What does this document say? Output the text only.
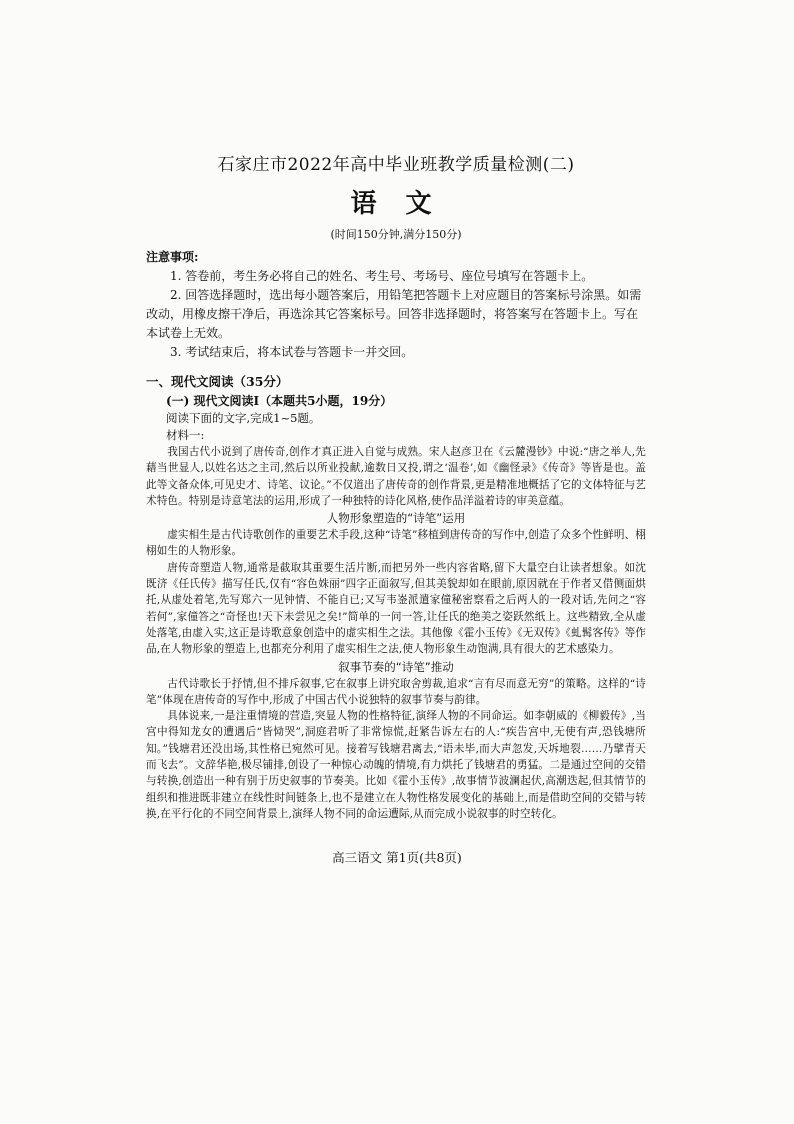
石家庄市2022年高中毕业班教学质量检测(二)
语 文
(时间150分钟,满分150分)
注意事项:

1. 答卷前，考生务必将自己的姓名、考生号、考场号、座位号填写在答题卡上。

2. 回答选择题时，选出每小题答案后，用铅笔把答题卡上对应题目的答案标号涂黑。如需改动，用橡皮擦干净后，再选涂其它答案标号。回答非选择题时，将答案写在答题卡上。写在本试卷上无效。

3. 考试结束后，将本试卷与答题卡一并交回。

一、现代文阅读（35分）
(一) 现代文阅读Ⅰ（本题共5小题，19分）
阅读下面的文字,完成1~5题。
材料一:

我国古代小说到了唐传奇,创作才真正进入自觉与成熟。宋人赵彦卫在《云麓漫钞》中说:“唐之举人,先藉当世显人,以姓名达之主司,然后以所业投献,逾数日又投,谓之‘温卷’,如《幽怪录》《传奇》等皆是也。盖此等文备众体,可见史才、诗笔、议论。”不仅道出了唐传奇的创作背景,更是精准地概括了它的文体特征与艺术特色。特别是诗意笔法的运用,形成了一种独特的诗化风格,使作品洋溢着诗的审美意蕴。

人物形象塑造的“诗笔”运用

虚实相生是古代诗歌创作的重要艺术手段,这种“诗笔”移植到唐传奇的写作中,创造了众多个性鲜明、栩栩如生的人物形象。

唐传奇塑造人物,通常是截取其重要生活片断,而把另外一些内容省略,留下大量空白让读者想象。如沈既济《任氏传》描写任氏,仅有“容色姝丽”四字正面叙写,但其美貌却如在眼前,原因就在于作者又借侧面烘托,从虚处着笔,先写郑六一见钟情、不能自已;又写韦崟派遣家僮秘密察看之后两人的一段对话,先问之“容若何”,家僮答之“奇怪也!天下未尝见之矣!”简单的一问一答,让任氏的绝美之姿跃然纸上。这些精致,全从虚处落笔,由虚入实,这正是诗歌意象创造中的虚实相生之法。其他像《霍小玉传》《无双传》《虬髯客传》等作品,在人物形象的塑造上,也都充分利用了虚实相生之法,使人物形象生动饱满,具有很大的艺术感染力。

叙事节奏的“诗笔”推动

古代诗歌长于抒情,但不排斥叙事,它在叙事上讲究取舍剪裁,追求“言有尽而意无穷”的策略。这样的“诗笔”体现在唐传奇的写作中,形成了中国古代小说独特的叙事节奏与韵律。

具体说来,一是注重情境的营造,突显人物的性格特征,演绎人物的不同命运。如李朝威的《柳毅传》,当宫中得知龙女的遭遇后“皆恸哭”,洞庭君听了非常惊慌,赶紧告诉左右的人:“疾告宫中,无使有声,恐钱塘所知。”钱塘君还没出场,其性格已宛然可见。接着写钱塘君离去,“语未毕,而大声忽发,天坼地裂……乃擘青天而飞去”。文辞华艳,极尽铺排,创设了一种惊心动魄的情境,有力烘托了钱塘君的勇猛。二是通过空间的交错与转换,创造出一种有别于历史叙事的节奏美。比如《霍小玉传》,故事情节波澜起伏,高潮迭起,但其情节的组织和推进既非建立在线性时间链条上,也不是建立在人物性格发展变化的基础上,而是借助空间的交错与转换,在平行化的不同空间背景上,演绎人物不同的命运遭际,从而完成小说叙事的时空转化。

高三语文 第1页(共8页)
